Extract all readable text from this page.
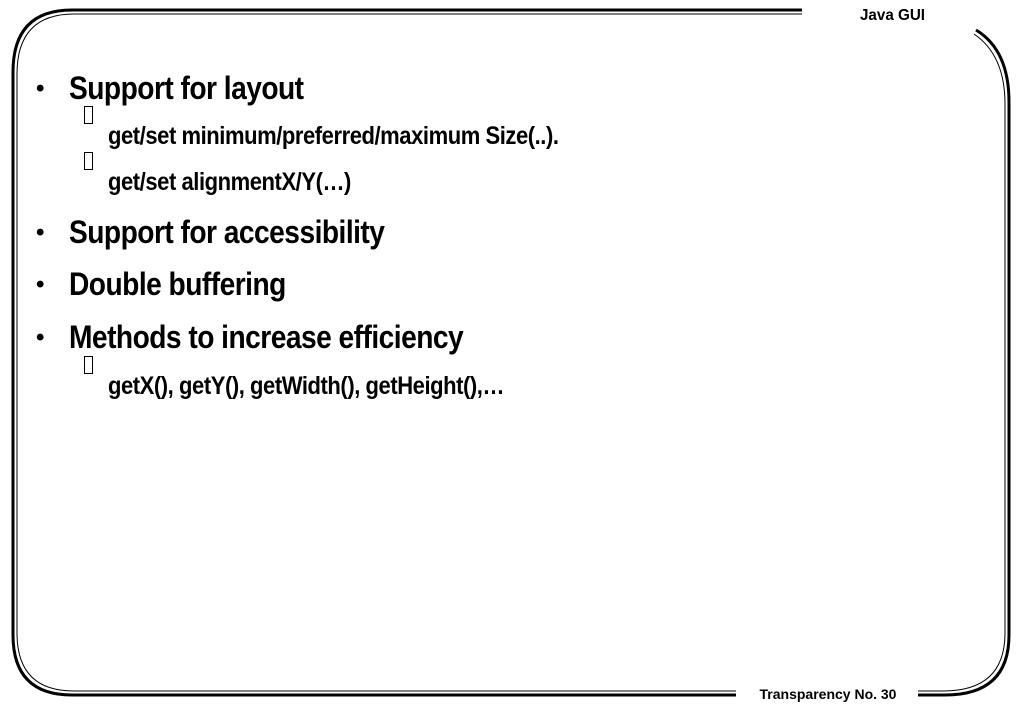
Java GUI
Transparency No. 30
• Support for layout
get/set minimum/preferred/maximum Size(..).
get/set alignmentX/Y(…)
• Support for accessibility
• Double buffering
• Methods to increase efficiency
getX(), getY(), getWidth(), getHeight(),…
